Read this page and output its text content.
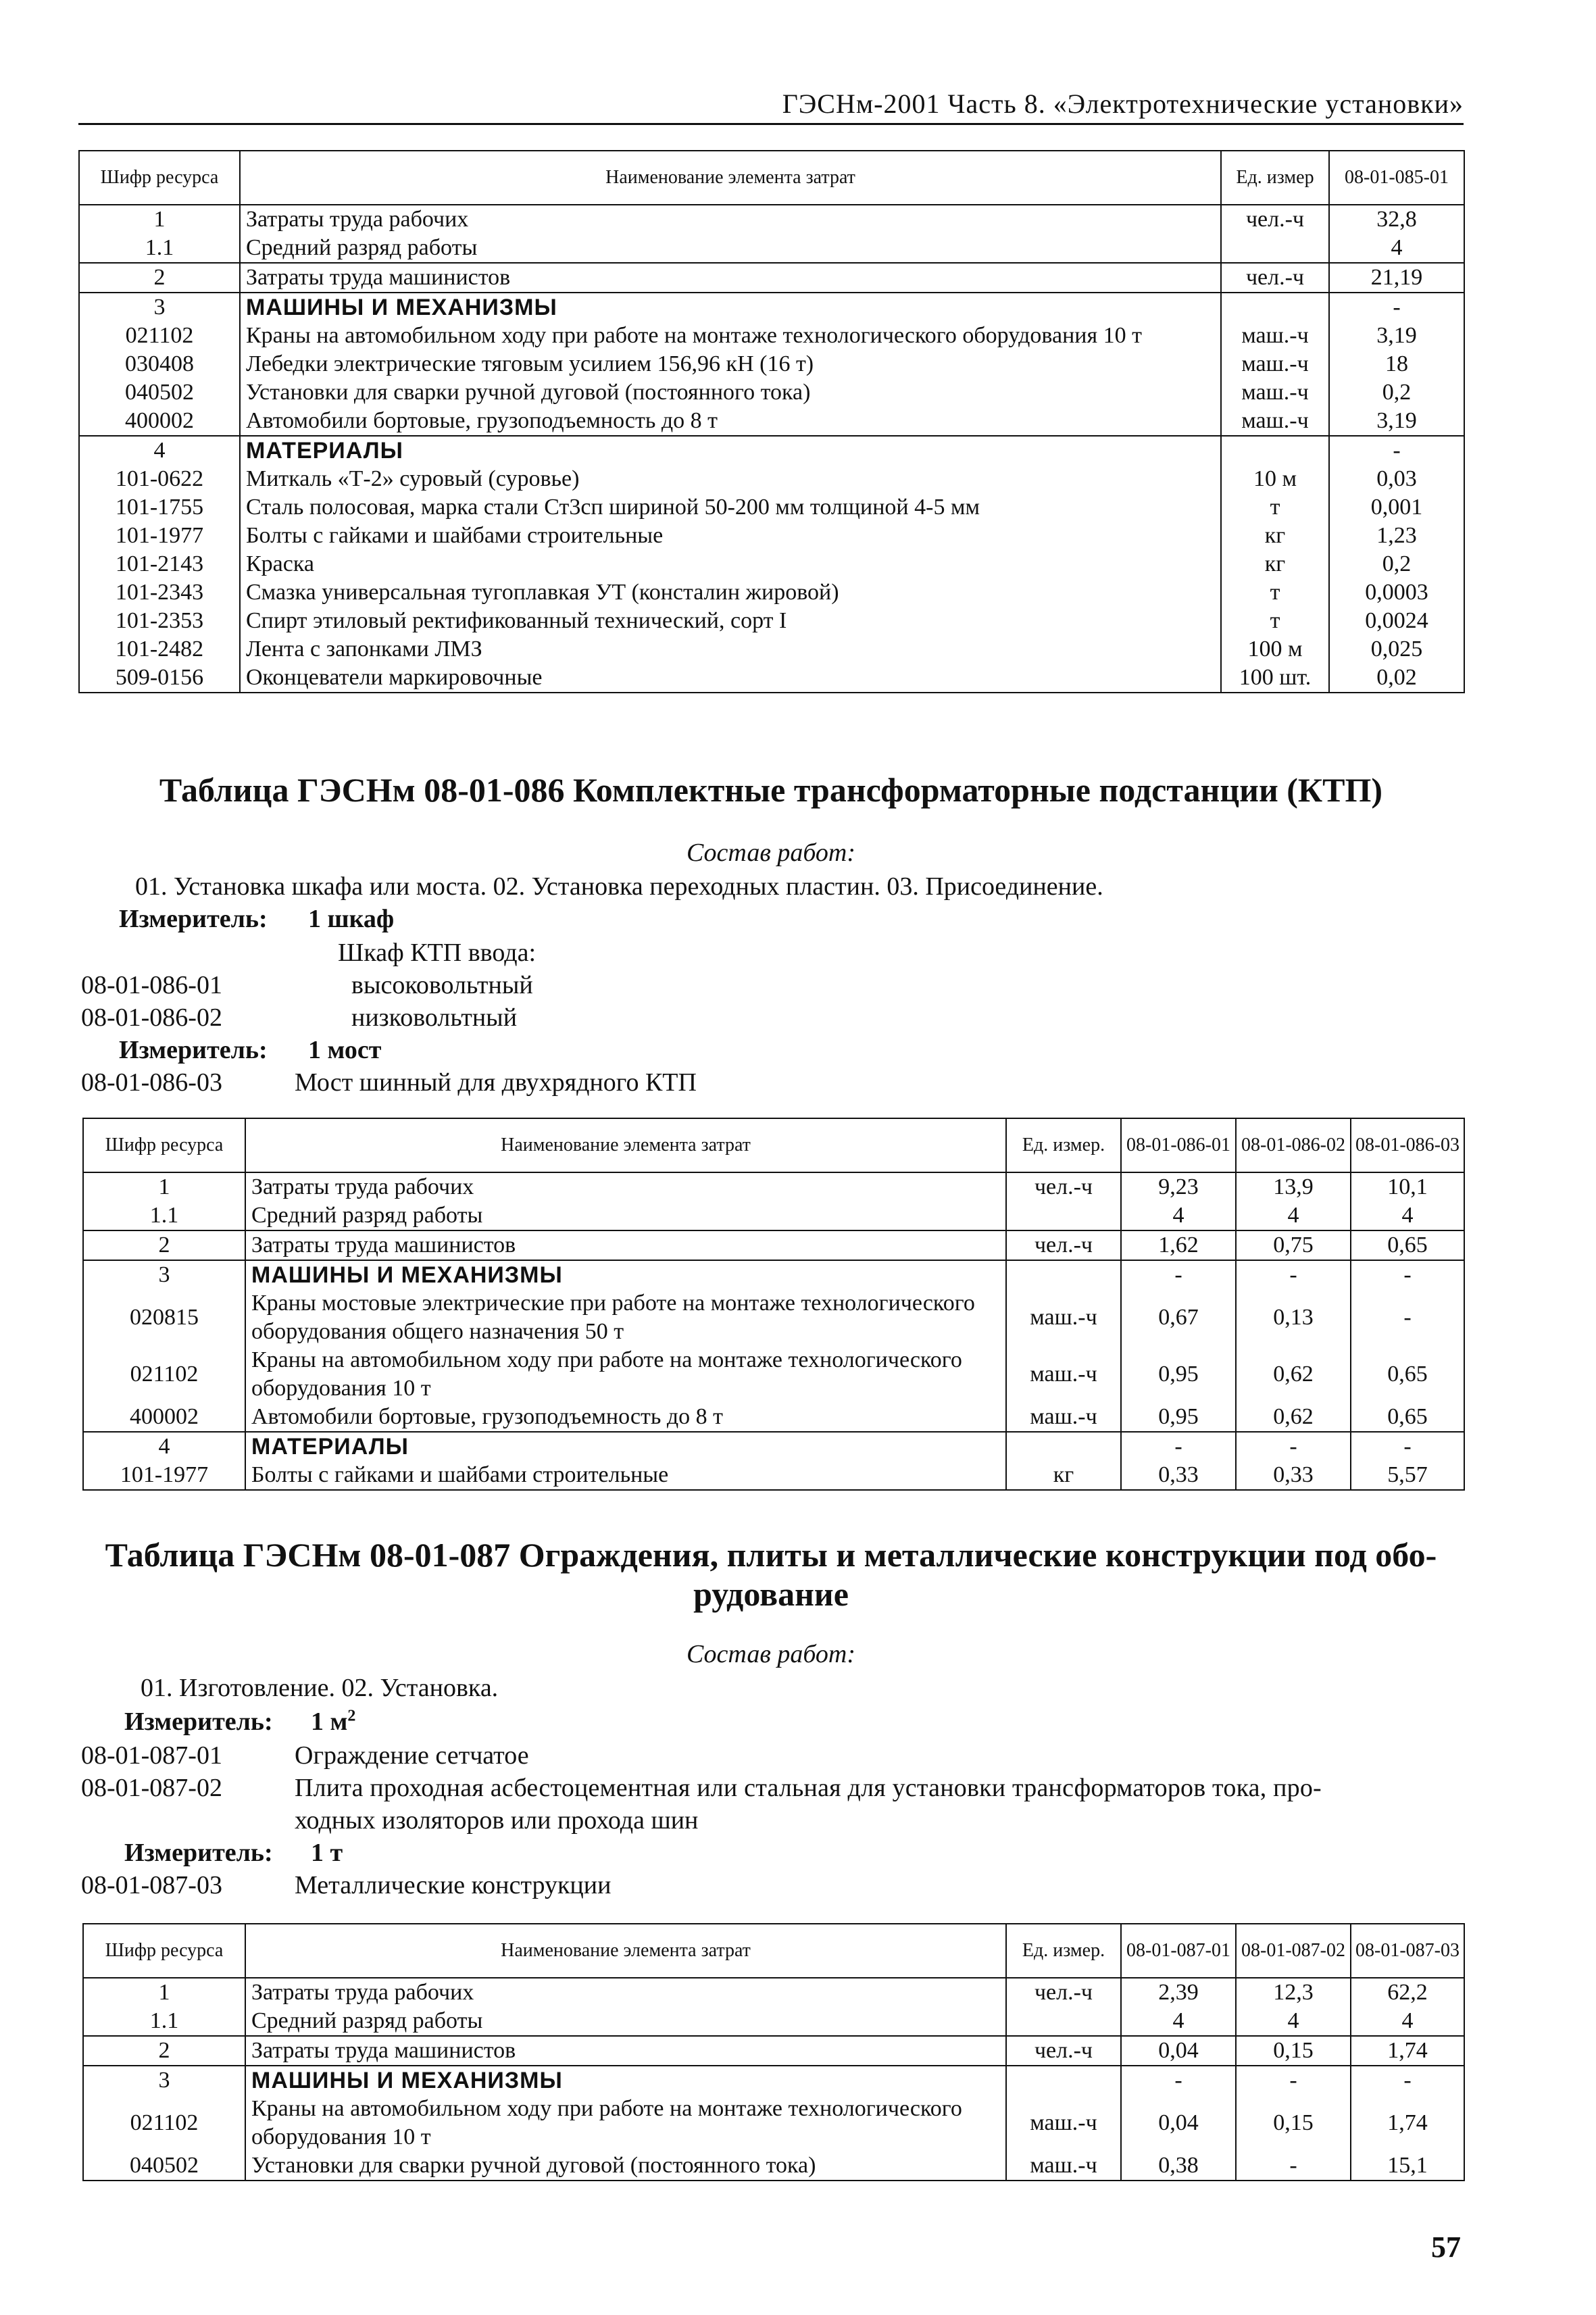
ГЭСНм-2001 Часть 8. «Электротехнические установки»
Шифр ресурса	Наименование элемента затрат	Ед. измер	08-01-085-01
1	Затраты труда рабочих	чел.-ч	32,8
1.1	Средний разряд работы		4
2	Затраты труда машинистов	чел.-ч	21,19
3	МАШИНЫ И МЕХАНИЗМЫ		-
021102	Краны на автомобильном ходу при работе на монтаже технологического оборудования 10 т	маш.-ч	3,19
030408	Лебедки электрические тяговым усилием 156,96 кН (16 т)	маш.-ч	18
040502	Установки для сварки ручной дуговой (постоянного тока)	маш.-ч	0,2
400002	Автомобили бортовые, грузоподъемность до 8 т	маш.-ч	3,19
4	МАТЕРИАЛЫ		-
101-0622	Миткаль «Т-2» суровый (суровье)	10 м	0,03
101-1755	Сталь полосовая, марка стали Ст3сп шириной 50-200 мм толщиной 4-5 мм	т	0,001
101-1977	Болты с гайками и шайбами строительные	кг	1,23
101-2143	Краска	кг	0,2
101-2343	Смазка универсальная тугоплавкая УТ (консталин жировой)	т	0,0003
101-2353	Спирт этиловый ректификованный технический, сорт I	т	0,0024
101-2482	Лента с запонками ЛМЗ	100 м	0,025
509-0156	Оконцеватели маркировочные	100 шт.	0,02
Таблица ГЭСНм 08-01-086 Комплектные трансформаторные подстанции (КТП)
Состав работ:
01. Установка шкафа или моста. 02. Установка переходных пластин. 03. Присоединение.
Измеритель: 1 шкаф
Шкаф КТП ввода:
08-01-086-01	высоковольтный
08-01-086-02	низковольтный
Измеритель: 1 мост
08-01-086-03	Мост шинный для двухрядного КТП
Шифр ресурса	Наименование элемента затрат	Ед. измер.	08-01-086-01	08-01-086-02	08-01-086-03
1	Затраты труда рабочих	чел.-ч	9,23	13,9	10,1
1.1	Средний разряд работы		4	4	4
2	Затраты труда машинистов	чел.-ч	1,62	0,75	0,65
3	МАШИНЫ И МЕХАНИЗМЫ		-	-	-
020815	Краны мостовые электрические при работе на монтаже технологического оборудования общего назначения 50 т	маш.-ч	0,67	0,13	-
021102	Краны на автомобильном ходу при работе на монтаже технологического оборудования 10 т	маш.-ч	0,95	0,62	0,65
400002	Автомобили бортовые, грузоподъемность до 8 т	маш.-ч	0,95	0,62	0,65
4	МАТЕРИАЛЫ		-	-	-
101-1977	Болты с гайками и шайбами строительные	кг	0,33	0,33	5,57
Таблица ГЭСНм 08-01-087 Ограждения, плиты и металлические конструкции под обо-
рудование
Состав работ:
01. Изготовление. 02. Установка.
Измеритель: 1 $м^2$
08-01-087-01	Ограждение сетчатое
08-01-087-02	Плита проходная асбестоцементная или стальная для установки трансформаторов тока, про-
ходных изоляторов или прохода шин
Измеритель: 1 т
08-01-087-03	Металлические конструкции
Шифр ресурса	Наименование элемента затрат	Ед. измер.	08-01-087-01	08-01-087-02	08-01-087-03
1	Затраты труда рабочих	чел.-ч	2,39	12,3	62,2
1.1	Средний разряд работы		4	4	4
2	Затраты труда машинистов	чел.-ч	0,04	0,15	1,74
3	МАШИНЫ И МЕХАНИЗМЫ		-	-	-
021102	Краны на автомобильном ходу при работе на монтаже технологического оборудования 10 т	маш.-ч	0,04	0,15	1,74
040502	Установки для сварки ручной дуговой (постоянного тока)	маш.-ч	0,38	-	15,1
57
